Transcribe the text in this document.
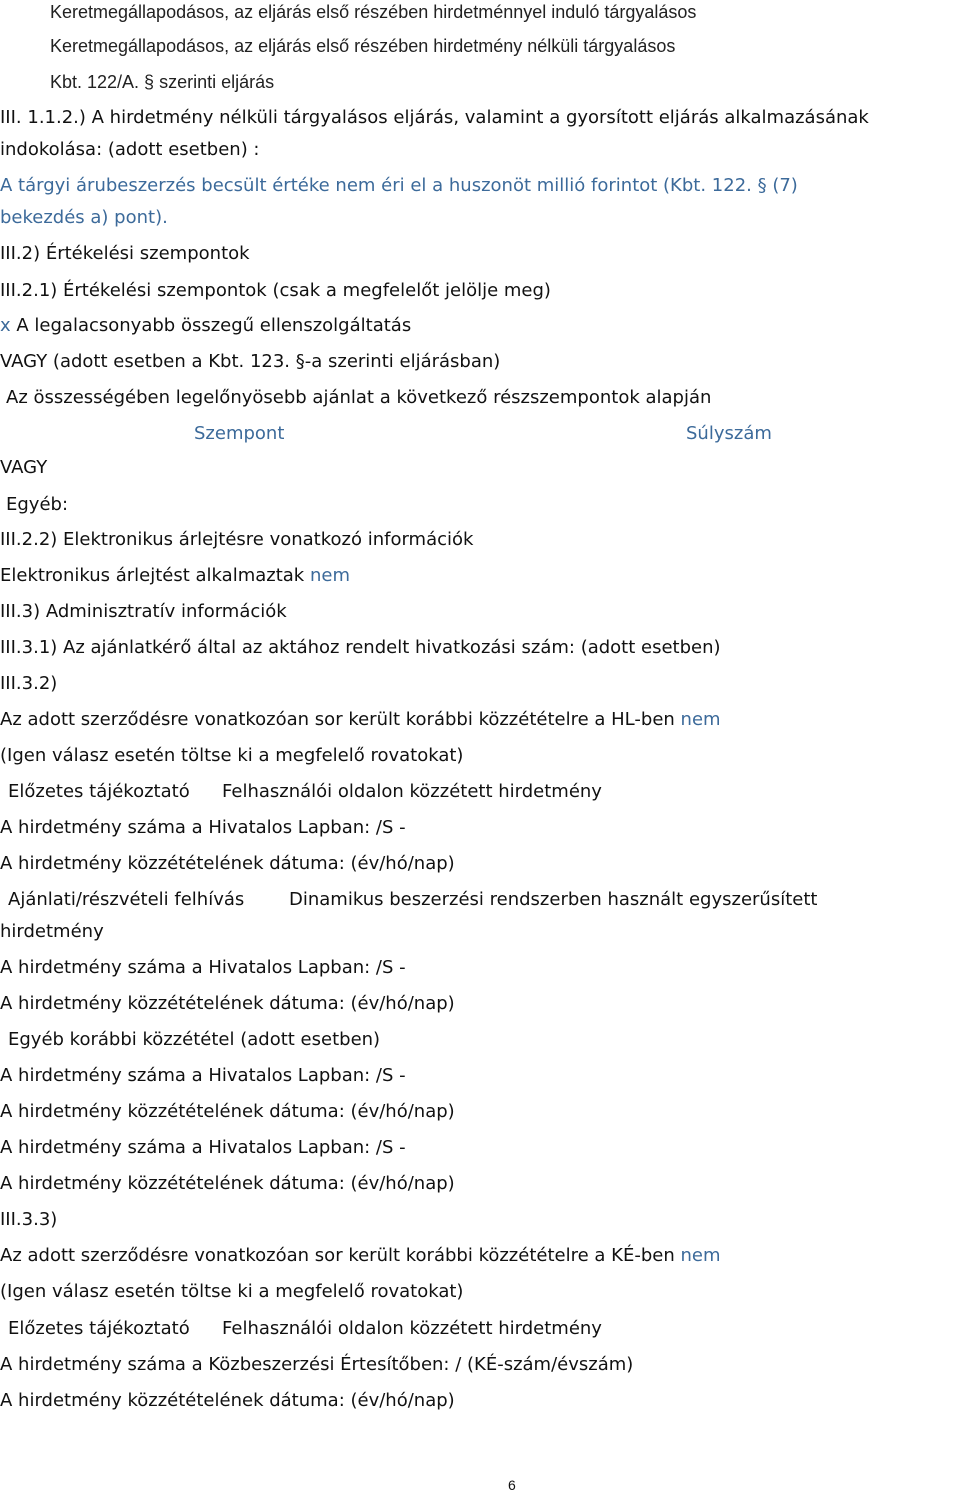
Keretmegállapodásos, az eljárás első részében hirdetménnyel induló tárgyalásos
Keretmegállapodásos, az eljárás első részében hirdetmény nélküli tárgyalásos
Kbt. 122/A. § szerinti eljárás
III. 1.1.2.) A hirdetmény nélküli tárgyalásos eljárás, valamint a gyorsított eljárás alkalmazásának
indokolása: (adott esetben) :
A tárgyi árubeszerzés becsült értéke nem éri el a huszonöt millió forintot (Kbt. 122. § (7)
bekezdés a) pont).
III.2) Értékelési szempontok
III.2.1) Értékelési szempontok (csak a megfelelőt jelölje meg)
x A legalacsonyabb összegű ellenszolgáltatás
VAGY (adott esetben a Kbt. 123. §-a szerinti eljárásban)
Az összességében legelőnyösebb ajánlat a következő részszempontok alapján
Szempont	Súlyszám
VAGY
Egyéb:
III.2.2) Elektronikus árlejtésre vonatkozó információk
Elektronikus árlejtést alkalmaztak nem
III.3) Adminisztratív információk
III.3.1) Az ajánlatkérő által az aktához rendelt hivatkozási szám: (adott esetben)
III.3.2)
Az adott szerződésre vonatkozóan sor került korábbi közzétételre a HL-ben nem
(Igen válasz esetén töltse ki a megfelelő rovatokat)
Előzetes tájékoztató Felhasználói oldalon közzétett hirdetmény
A hirdetmény száma a Hivatalos Lapban: /S -
A hirdetmény közzétételének dátuma: (év/hó/nap)
Ajánlati/részvételi felhívás Dinamikus beszerzési rendszerben használt egyszerűsített
hirdetmény
A hirdetmény száma a Hivatalos Lapban: /S -
A hirdetmény közzétételének dátuma: (év/hó/nap)
Egyéb korábbi közzététel (adott esetben)
A hirdetmény száma a Hivatalos Lapban: /S -
A hirdetmény közzétételének dátuma: (év/hó/nap)
A hirdetmény száma a Hivatalos Lapban: /S -
A hirdetmény közzétételének dátuma: (év/hó/nap)
III.3.3)
Az adott szerződésre vonatkozóan sor került korábbi közzétételre a KÉ-ben nem
(Igen válasz esetén töltse ki a megfelelő rovatokat)
Előzetes tájékoztató Felhasználói oldalon közzétett hirdetmény
A hirdetmény száma a Közbeszerzési Értesítőben: / (KÉ-szám/évszám)
A hirdetmény közzétételének dátuma: (év/hó/nap)
6
